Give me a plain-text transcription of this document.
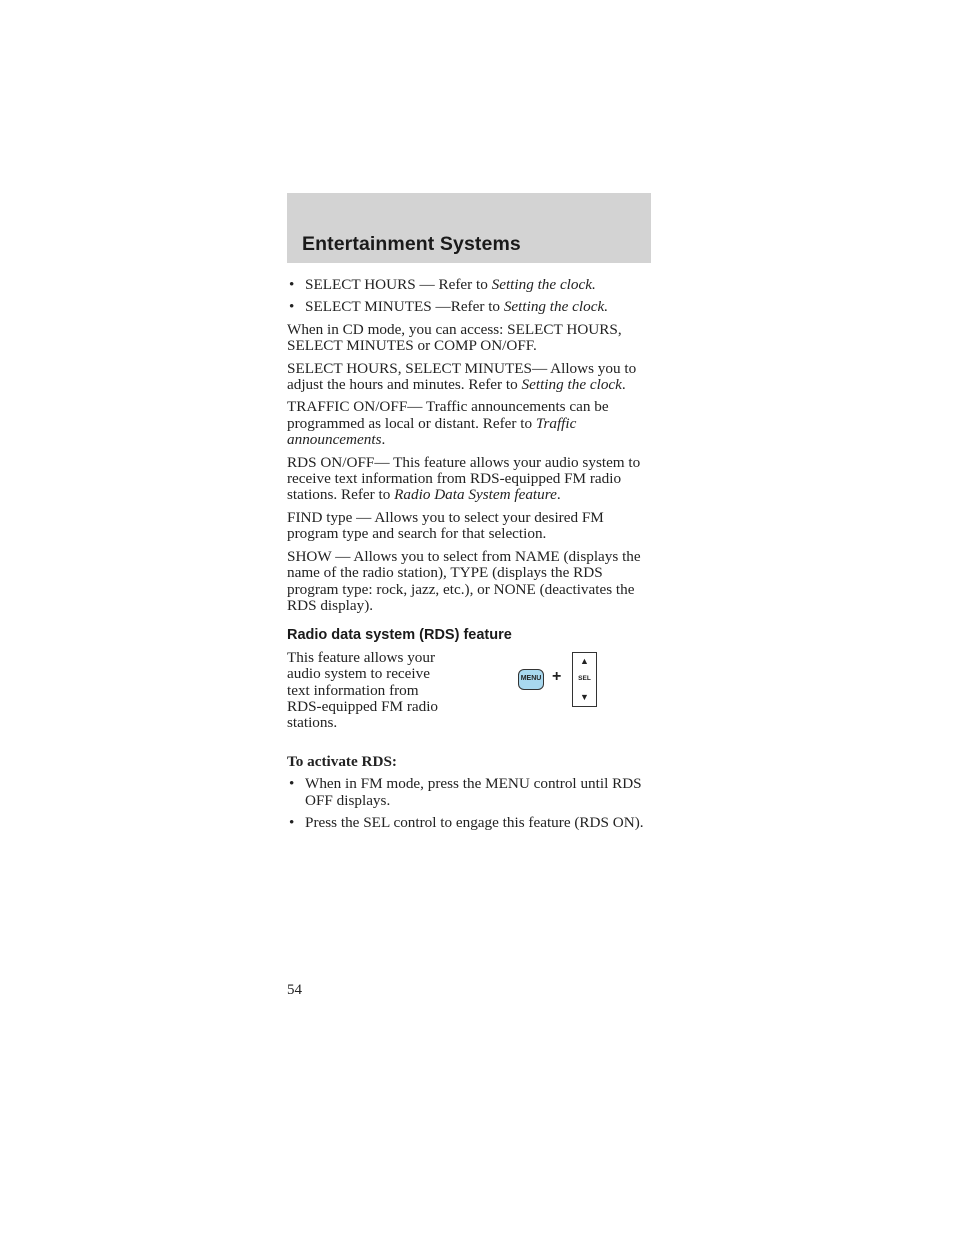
Entertainment Systems
• SELECT HOURS — Refer to Setting the clock.
• SELECT MINUTES —Refer to Setting the clock.

When in CD mode, you can access: SELECT HOURS, SELECT MINUTES or COMP ON/OFF.

SELECT HOURS, SELECT MINUTES— Allows you to adjust the hours and minutes. Refer to Setting the clock.

TRAFFIC ON/OFF— Traffic announcements can be programmed as local or distant. Refer to Traffic announcements.

RDS ON/OFF— This feature allows your audio system to receive text information from RDS-equipped FM radio stations. Refer to Radio Data System feature.

FIND type — Allows you to select your desired FM program type and search for that selection.

SHOW — Allows you to select from NAME (displays the name of the radio station), TYPE (displays the RDS program type: rock, jazz, etc.), or NONE (deactivates the RDS display).

Radio data system (RDS) feature
This feature allows your audio system to receive text information from RDS-equipped FM radio stations.
MENU +
▲
SEL
▼
To activate RDS:
• When in FM mode, press the MENU control until RDS OFF displays.
• Press the SEL control to engage this feature (RDS ON).
54
